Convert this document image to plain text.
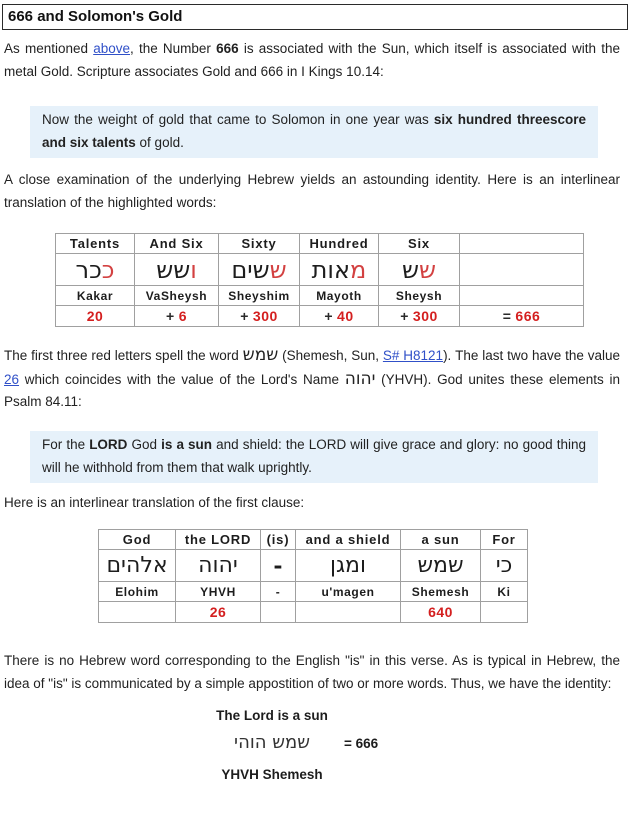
666 and Solomon's Gold

As mentioned above, the Number 666 is associated with the Sun, which itself is associated with the metal Gold. Scripture associates Gold and 666 in I Kings 10.14:

Now the weight of gold that came to Solomon in one year was six hundred threescore and six talents of gold.

A close examination of the underlying Hebrew yields an astounding identity. Here is an interlinear translation of the highlighted words:

Talents	And Six	Sixty	Hundred	Six	
ככר	ושש	ששים	מאות	שש	
Kakar	VaSheysh	Sheyshim	Mayoth	Sheysh	
20	+ 6	+ 300	+ 40	+ 300	= 666

The first three red letters spell the word שמש (Shemesh, Sun, S# H8121). The last two have the value 26 which coincides with the value of the Lord's Name יהוה (YHVH). God unites these elements in Psalm 84.11:

For the LORD God is a sun and shield: the LORD will give grace and glory: no good thing will he withhold from them that walk uprightly.

Here is an interlinear translation of the first clause:

God	the LORD	(is)	and a shield	a sun	For
אלהים	יהוה	-	ומגן	שמש	כי
Elohim	YHVH	-	u'magen	Shemesh	Ki
	26			640	

There is no Hebrew word corresponding to the English "is" in this verse. As is typical in Hebrew, the idea of "is" is communicated by a simple appostition of two or more words. Thus, we have the identity:

The Lord is a sun
יהוה שמש	= 666
YHVH Shemesh
